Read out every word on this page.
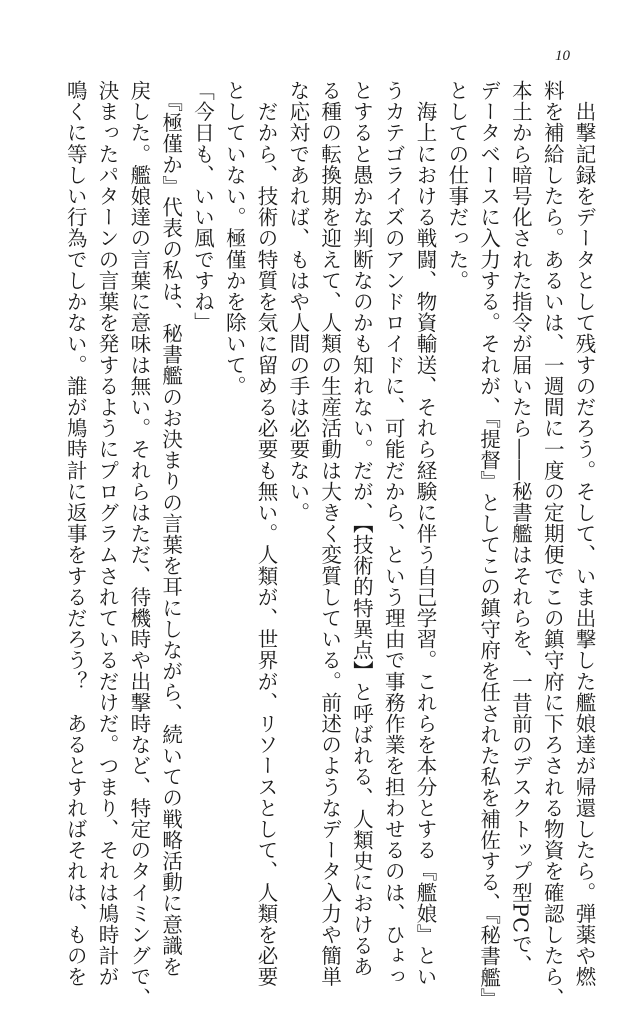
10
　出撃記録をデータとして残すのだろう。そして、いま出撃した艦娘達が帰還したら。弾薬や燃
料を補給したら。あるいは、一週間に一度の定期便でこの鎮守府に下ろされる物資を確認したら、
本土から暗号化された指令が届いたら――秘書艦はそれらを、一昔前のデスクトップ型PCで、
データベースに入力する。それが、『提督』としてこの鎮守府を任された私を補佐する、『秘書艦』
としての仕事だった。
　海上における戦闘、物資輸送、それら経験に伴う自己学習。これらを本分とする『艦娘』とい
うカテゴライズのアンドロイドに、可能だから、という理由で事務作業を担わせるのは、ひょっ
とすると愚かな判断なのかも知れない。だが、【技術的特異点】と呼ばれる、人類史におけるあ
る種の転換期を迎えて、人類の生産活動は大きく変質している。前述のようなデータ入力や簡単
な応対であれば、もはや人間の手は必要ない。
　だから、技術の特質を気に留める必要も無い。人類が、世界が、リソースとして、人類を必要
としていない。極僅かを除いて。
「今日も、いい風ですね」
　『極僅か』代表の私は、秘書艦のお決まりの言葉を耳にしながら、続いての戦略活動に意識を
戻した。艦娘達の言葉に意味は無い。それらはただ、待機時や出撃時など、特定のタイミングで、
決まったパターンの言葉を発するようにプログラムされているだけだ。つまり、それは鳩時計が
鳴くに等しい行為でしかない。誰が鳩時計に返事をするだろう？　あるとすればそれは、ものを
